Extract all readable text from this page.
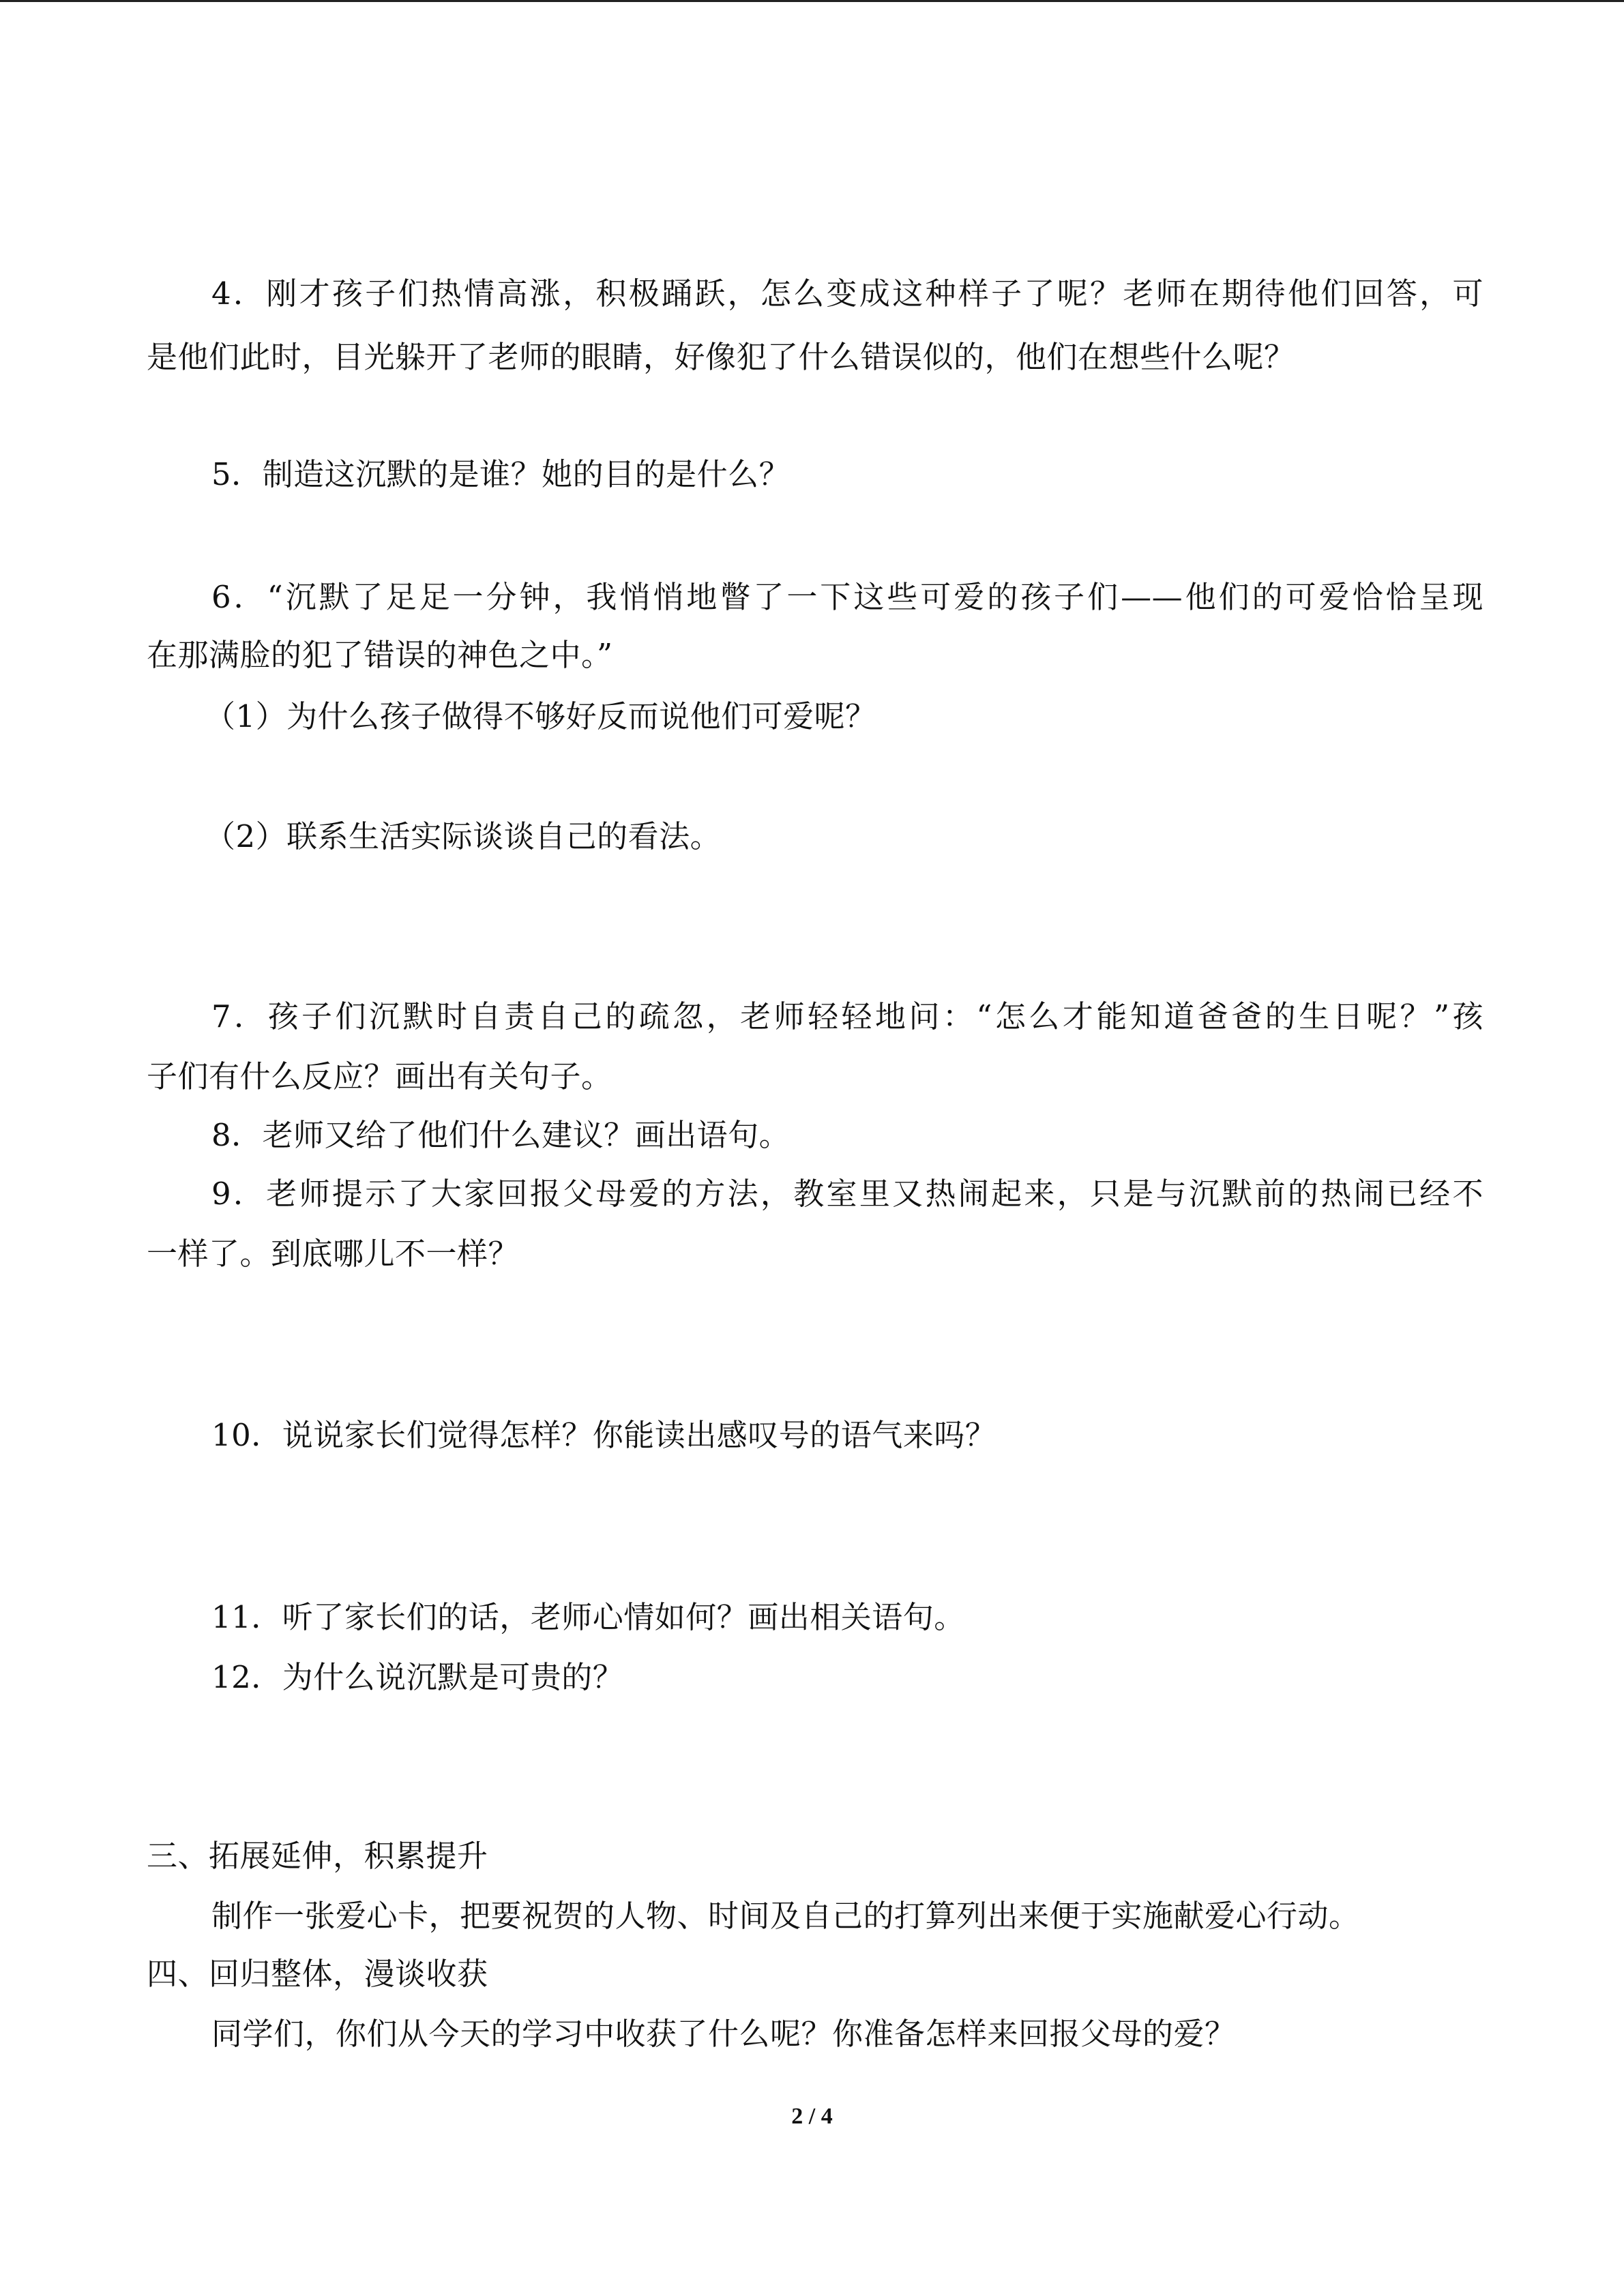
4．刚才孩子们热情高涨，积极踊跃，怎么变成这种样子了呢？老师在期待他们回答，可
是他们此时，目光躲开了老师的眼睛，好像犯了什么错误似的，他们在想些什么呢？
5．制造这沉默的是谁？她的目的是什么？
6．“沉默了足足一分钟，我悄悄地瞥了一下这些可爱的孩子们——他们的可爱恰恰呈现
在那满脸的犯了错误的神色之中。”
（1）为什么孩子做得不够好反而说他们可爱呢？
（2）联系生活实际谈谈自己的看法。
7．孩子们沉默时自责自己的疏忽，老师轻轻地问：“怎么才能知道爸爸的生日呢？”孩
子们有什么反应？画出有关句子。
8．老师又给了他们什么建议？画出语句。
9．老师提示了大家回报父母爱的方法，教室里又热闹起来，只是与沉默前的热闹已经不
一样了。到底哪儿不一样？
10．说说家长们觉得怎样？你能读出感叹号的语气来吗？
11．听了家长们的话，老师心情如何？画出相关语句。
12．为什么说沉默是可贵的？
三、拓展延伸，积累提升
制作一张爱心卡，把要祝贺的人物、时间及自己的打算列出来便于实施献爱心行动。
四、回归整体，漫谈收获
同学们，你们从今天的学习中收获了什么呢？你准备怎样来回报父母的爱？
2 / 4
